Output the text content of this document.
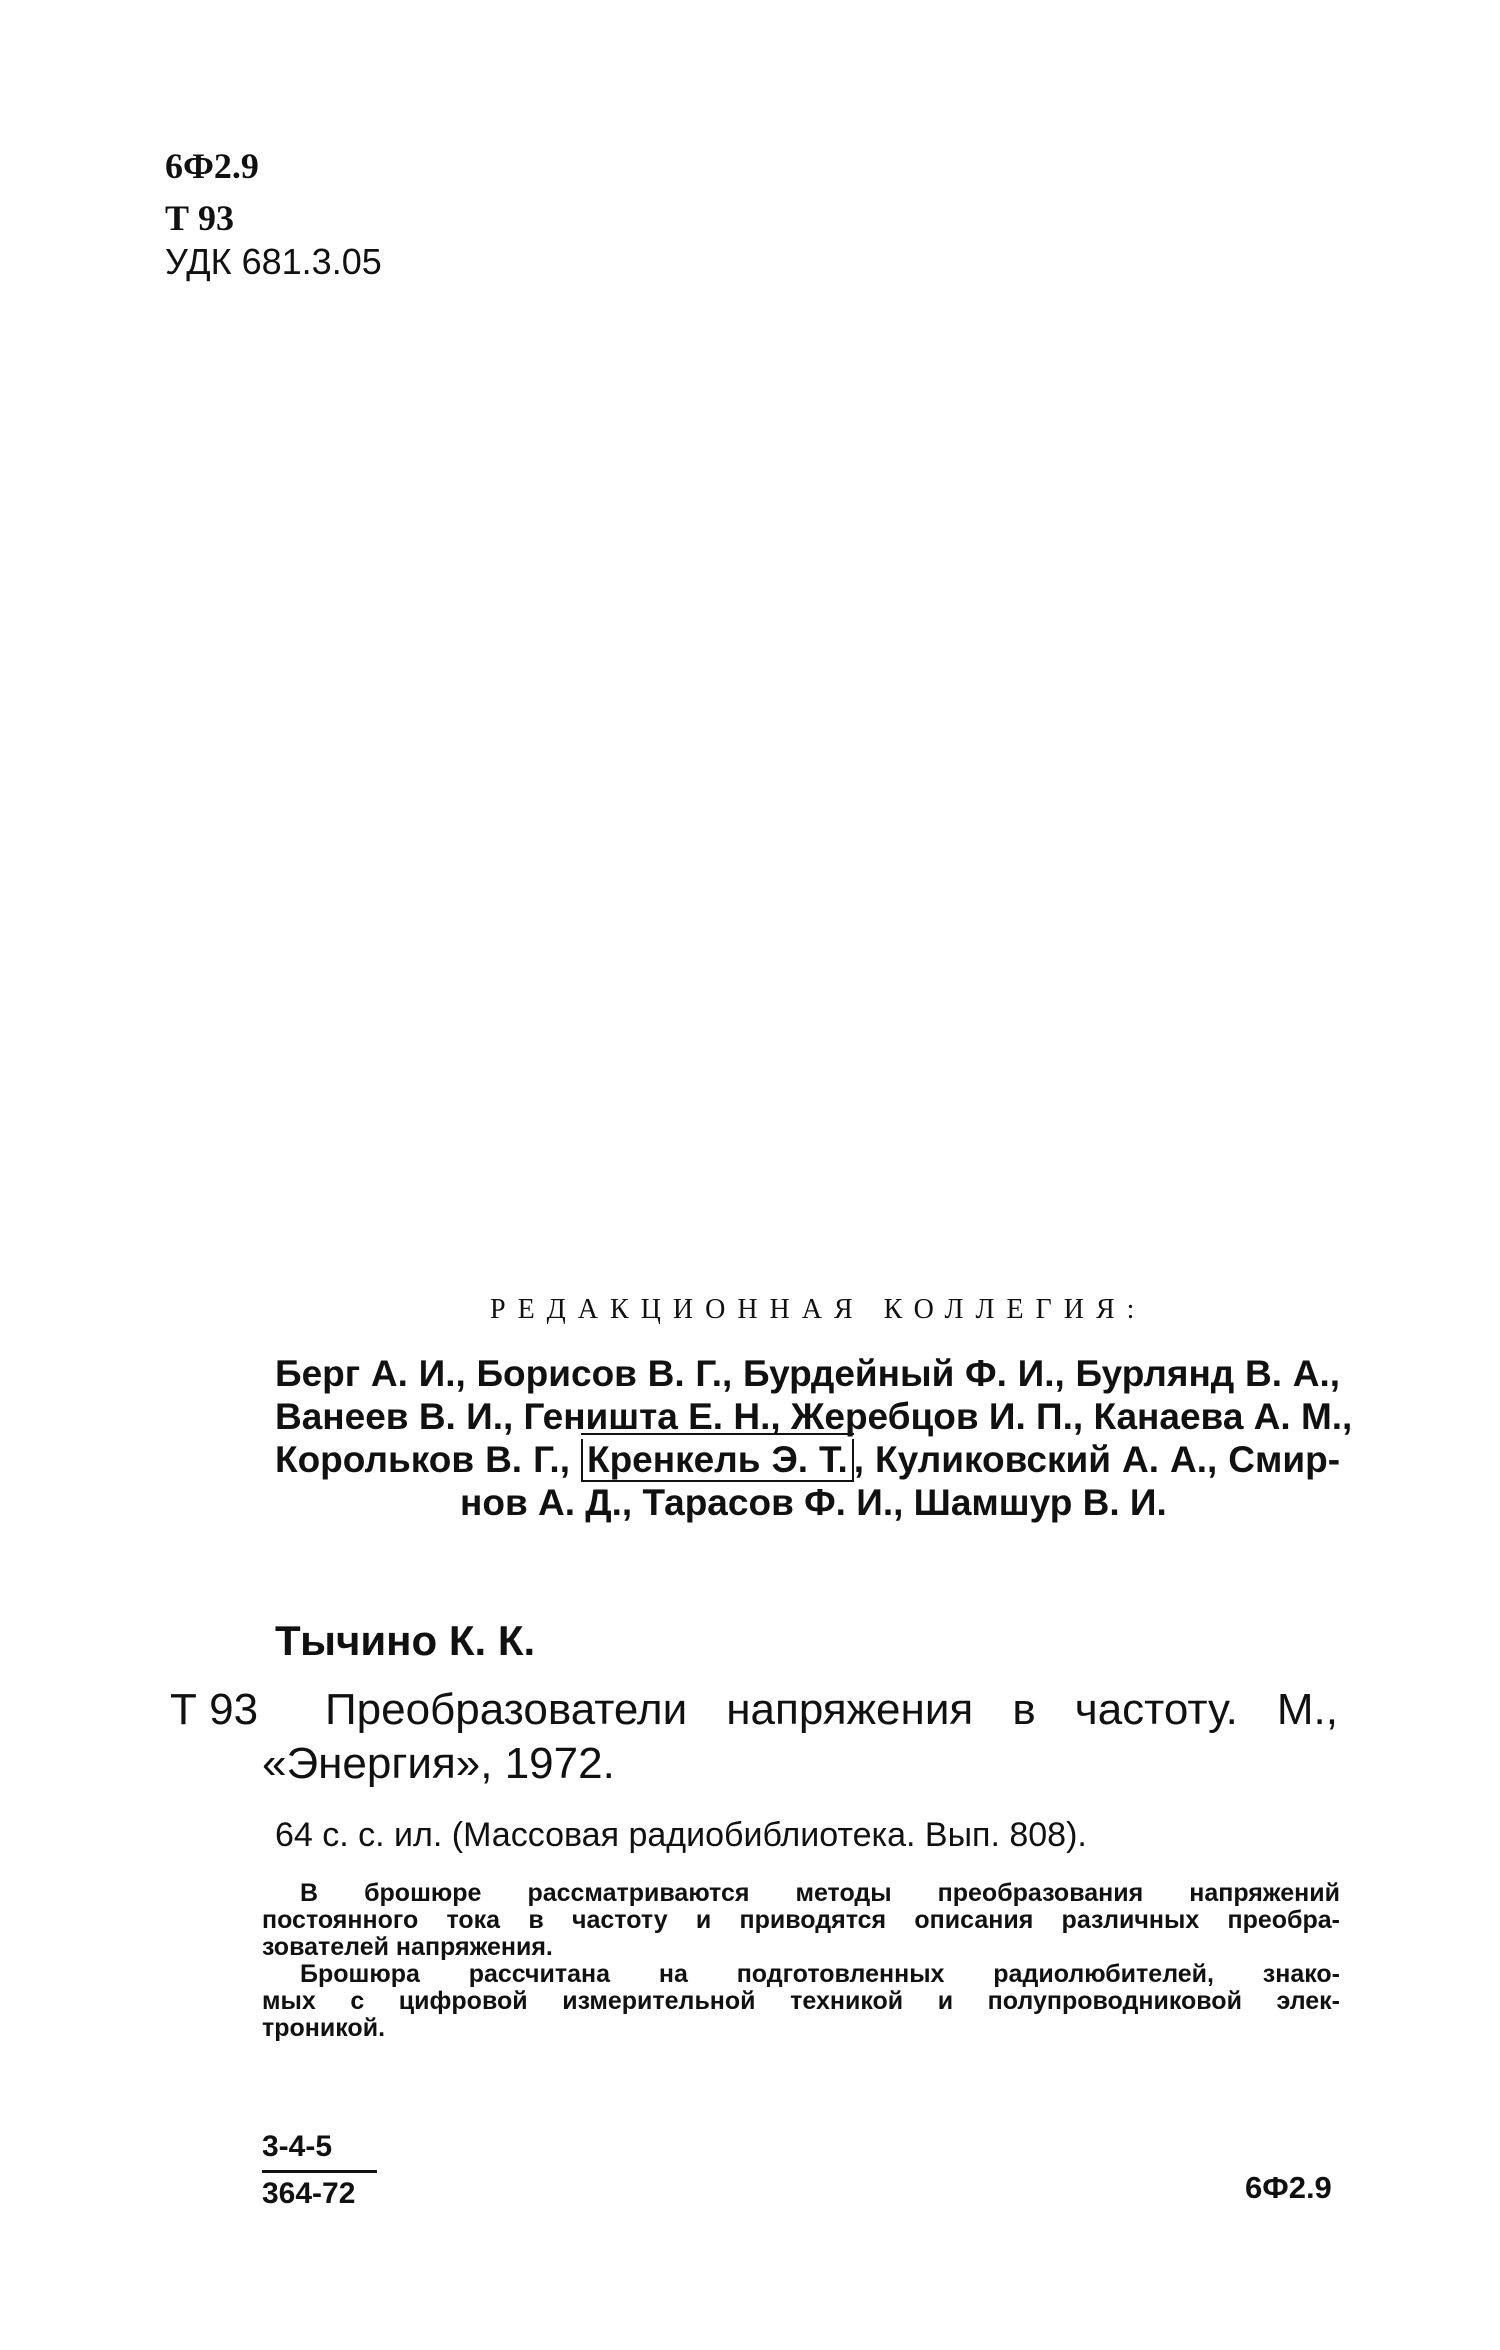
6Ф2.9
Т 93
УДК 681.3.05
РЕДАКЦИОННАЯ КОЛЛЕГИЯ:
Берг А. И., Борисов В. Г., Бурдейный Ф. И., Бурлянд В. А.,
Ванеев В. И., Геништа Е. Н., Жеребцов И. П., Канаева А. М.,
Корольков В. Г., Кренкель Э. Т. , Куликовский А. А., Смир-
нов А. Д., Тарасов Ф. И., Шамшур В. И.
Тычино К. К.
Т 93 Преобразователи напряжения в частоту. М.,
«Энергия», 1972.
64 с. с. ил. (Массовая радиобиблиотека. Вып. 808).
В брошюре рассматриваются методы преобразования напряжений
постоянного тока в частоту и приводятся описания различных преобра-
зователей напряжения.
Брошюра рассчитана на подготовленных радиолюбителей, знако-
мых с цифровой измерительной техникой и полупроводниковой элек-
троникой.
3-4-5
364-72	6Ф2.9
